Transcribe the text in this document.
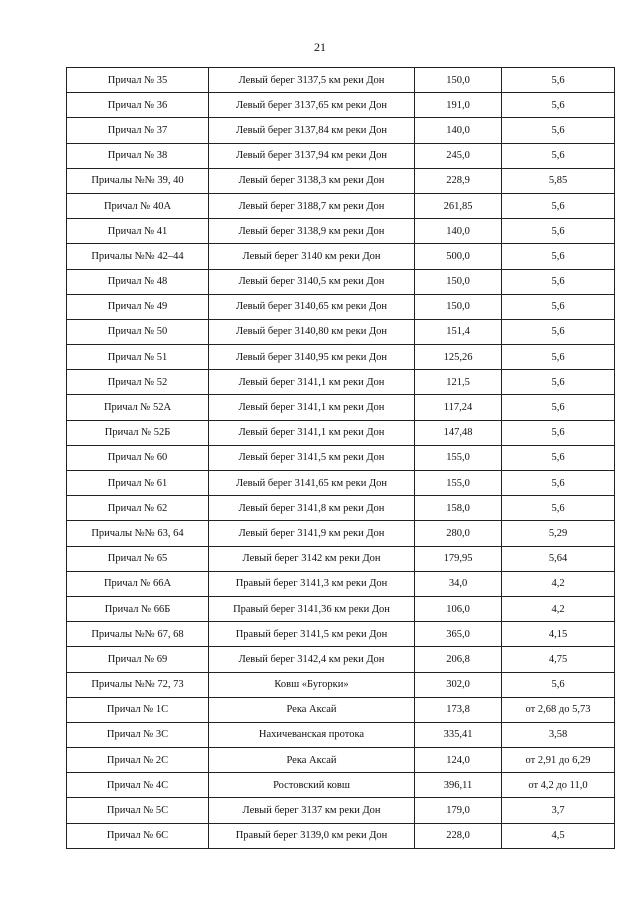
21
Причал № 35	Левый берег 3137,5 км реки Дон	150,0	5,6
Причал № 36	Левый берег 3137,65 км реки Дон	191,0	5,6
Причал № 37	Левый берег 3137,84 км реки Дон	140,0	5,6
Причал № 38	Левый берег 3137,94 км реки Дон	245,0	5,6
Причалы №№ 39, 40	Левый берег 3138,3 км реки Дон	228,9	5,85
Причал № 40А	Левый берег 3188,7 км реки Дон	261,85	5,6
Причал № 41	Левый берег 3138,9 км реки Дон	140,0	5,6
Причалы №№ 42–44	Левый берег 3140 км реки Дон	500,0	5,6
Причал № 48	Левый берег 3140,5 км реки Дон	150,0	5,6
Причал № 49	Левый берег 3140,65 км реки Дон	150,0	5,6
Причал № 50	Левый берег 3140,80 км реки Дон	151,4	5,6
Причал № 51	Левый берег 3140,95 км реки Дон	125,26	5,6
Причал № 52	Левый берег 3141,1 км реки Дон	121,5	5,6
Причал № 52А	Левый берег 3141,1 км реки Дон	117,24	5,6
Причал № 52Б	Левый берег 3141,1 км реки Дон	147,48	5,6
Причал № 60	Левый берег 3141,5 км реки Дон	155,0	5,6
Причал № 61	Левый берег 3141,65 км реки Дон	155,0	5,6
Причал № 62	Левый берег 3141,8 км реки Дон	158,0	5,6
Причалы №№ 63, 64	Левый берег 3141,9 км реки Дон	280,0	5,29
Причал № 65	Левый берег 3142 км реки Дон	179,95	5,64
Причал № 66А	Правый берег 3141,3 км реки Дон	34,0	4,2
Причал № 66Б	Правый берег 3141,36 км реки Дон	106,0	4,2
Причалы №№ 67, 68	Правый берег 3141,5 км реки Дон	365,0	4,15
Причал № 69	Левый берег 3142,4 км реки Дон	206,8	4,75
Причалы №№ 72, 73	Ковш «Бугорки»	302,0	5,6
Причал № 1С	Река Аксай	173,8	от 2,68 до 5,73
Причал № 3С	Нахичеванская протока	335,41	3,58
Причал № 2С	Река Аксай	124,0	от 2,91 до 6,29
Причал № 4С	Ростовский ковш	396,11	от 4,2 до 11,0
Причал № 5С	Левый берег 3137 км реки Дон	179,0	3,7
Причал № 6С	Правый берег 3139,0 км реки Дон	228,0	4,5
